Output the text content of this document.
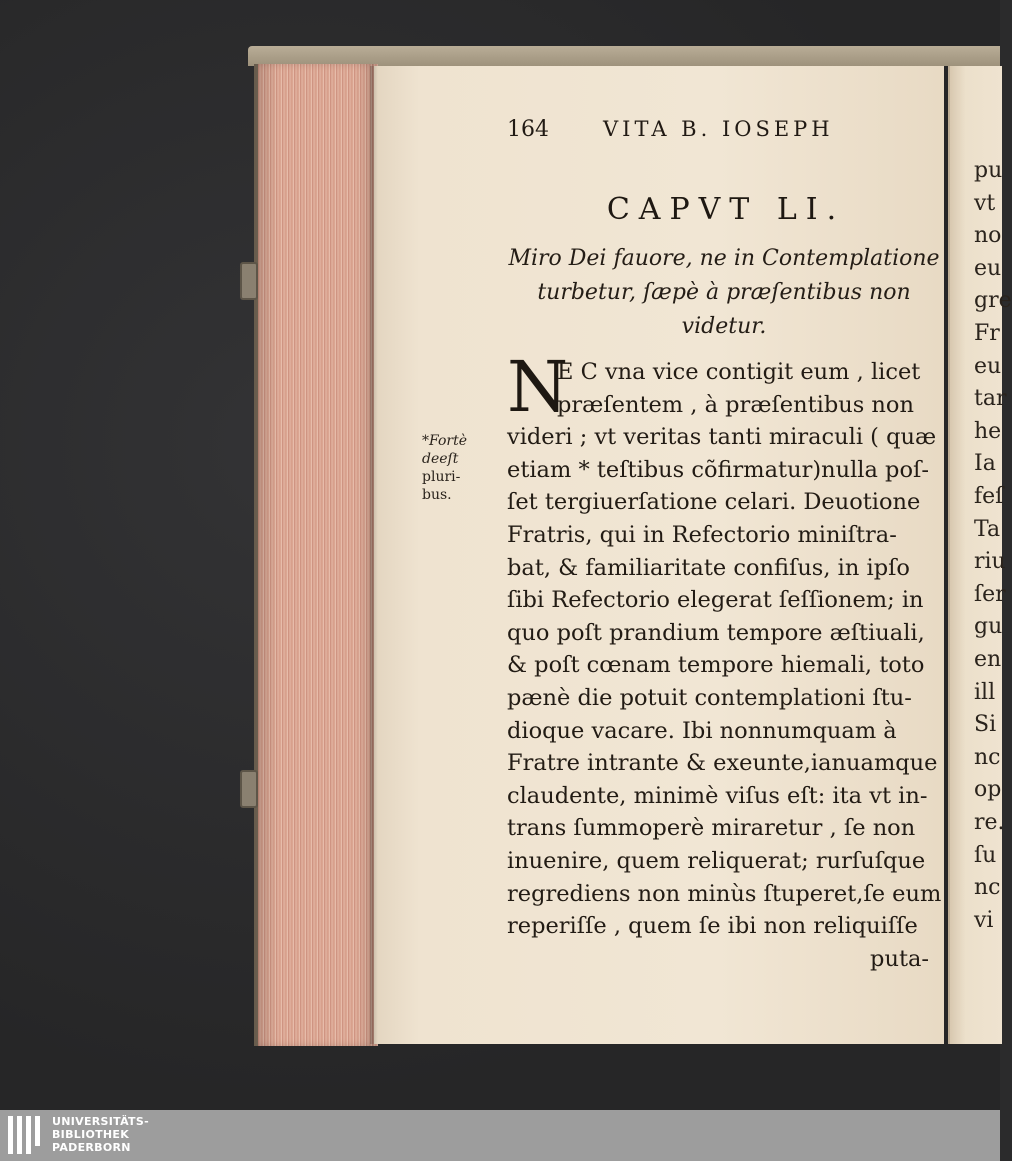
pu
vt
no
eu
gre
Fr
eu
tar
he
Ia
feſ
Ta
riu
ſer
gu
en
ill
Si
nc
op
re.
ſu
nc
vi
164	VITA B. IOSEPH
CAPVT LI.
Miro Dei fauore, ne in Contemplatione
turbetur, ſæpè à præſentibus non
videtur.
N
E C vna vice contigit eum , licet
præſentem , à præſentibus non
videri ; vt veritas tanti miraculi ( quæ
etiam * teſtibus cõfirmatur)nulla poſ-
ſet tergiuerſatione celari. Deuotione
Fratris, qui in Refectorio miniſtra-
bat, & familiaritate confiſus, in ipſo
ſibi Refectorio elegerat ſeſſionem; in
quo poſt prandium tempore æſtiuali,
& poſt cœnam tempore hiemali, toto
pænè die potuit contemplationi ſtu-
dioque vacare. Ibi nonnumquam à
Fratre intrante & exeunte,ianuamque
claudente, minimè viſus eſt: ita vt in-
trans ſummoperè miraretur , ſe non
inuenire, quem reliquerat; rurſuſque
regrediens non minùs ſtuperet,ſe eum
reperiſſe , quem ſe ibi non reliquiſſe
puta-
*Fortè
deeſt pluri-
bus.
UNIVERSITÄTS-
BIBLIOTHEK
PADERBORN
